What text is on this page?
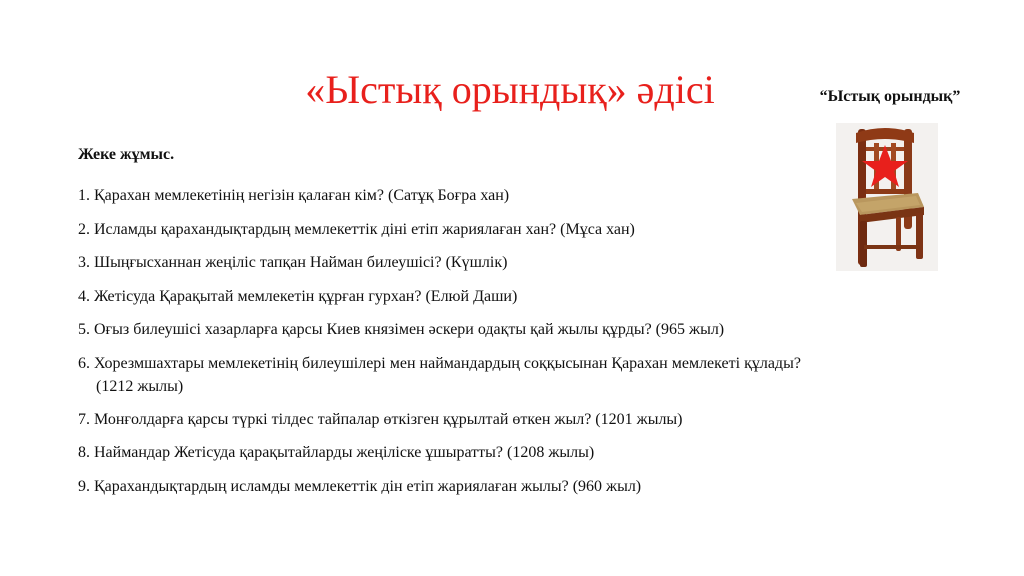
«Ыстық орындық» әдісі	“Ыстық орындық”
Жеке жұмыс.
1. Қарахан мемлекетінің негізін қалаған кім? (Сатұқ Боғра хан)
2. Исламды қарахандықтардың мемлекеттік діні етіп жариялаған хан? (Мұса хан)
3. Шыңғысханнан жеңіліс тапқан Найман билеушісі? (Күшлік)
4. Жетісуда Қарақытай мемлекетін құрған гурхан? (Елюй Даши)
5. Оғыз билеушісі хазарларға қарсы Киев князімен әскери одақты қай жылы құрды? (965 жыл)
6. Хорезмшахтары мемлекетінің билеушілері мен наймандардың соққысынан Қарахан мемлекеті құлады?
(1212 жылы)
7. Монғолдарға қарсы түркі тілдес тайпалар өткізген құрылтай өткен жыл? (1201 жылы)
8. Наймандар Жетісуда қарақытайларды жеңіліске ұшыратты? (1208 жылы)
9. Қарахандықтардың исламды мемлекеттік дін етіп жариялаған жылы? (960 жыл)
